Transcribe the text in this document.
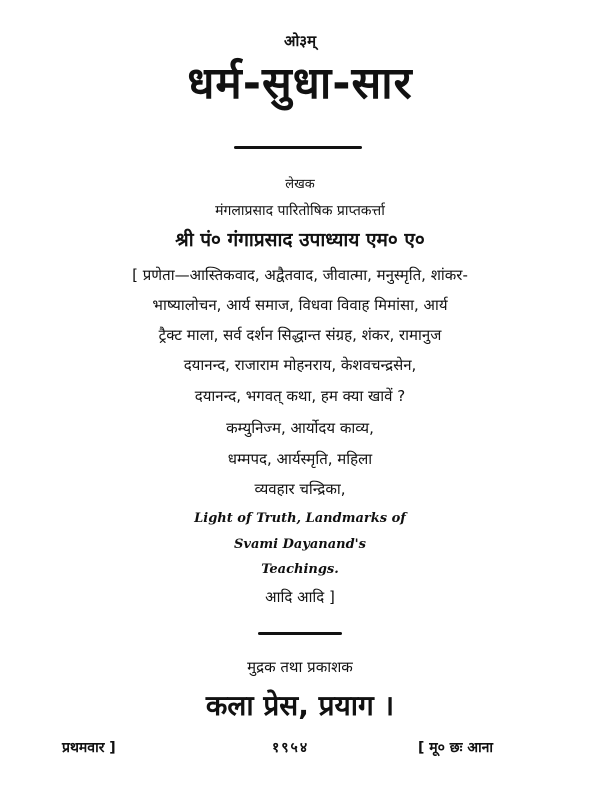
ओ३म्
धर्म-सुधा-सार
लेखक
मंगलाप्रसाद पारितोषिक प्राप्तकर्त्ता
श्री पं० गंगाप्रसाद उपाध्याय एम० ए०
[ प्रणेता—आस्तिकवाद, अद्वैतवाद, जीवात्मा, मनुस्मृति, शांकर-
भाष्यालोचन, आर्य समाज, विधवा विवाह मिमांसा, आर्य
ट्रैक्ट माला, सर्व दर्शन सिद्धान्त संग्रह, शंकर, रामानुज
दयानन्द, राजाराम मोहनराय, केशवचन्द्रसेन,
दयानन्द, भगवत् कथा, हम क्या खावें ?
कम्युनिज्म, आर्योदय काव्य,
धम्मपद, आर्यस्मृति, महिला
व्यवहार चन्द्रिका,
Light of Truth, Landmarks of
Svami Dayanand's
Teachings.
आदि आदि ]
मुद्रक तथा प्रकाशक
कला प्रेस, प्रयाग ।
प्रथमवार ]	१९५४	[ मू० छः आना
